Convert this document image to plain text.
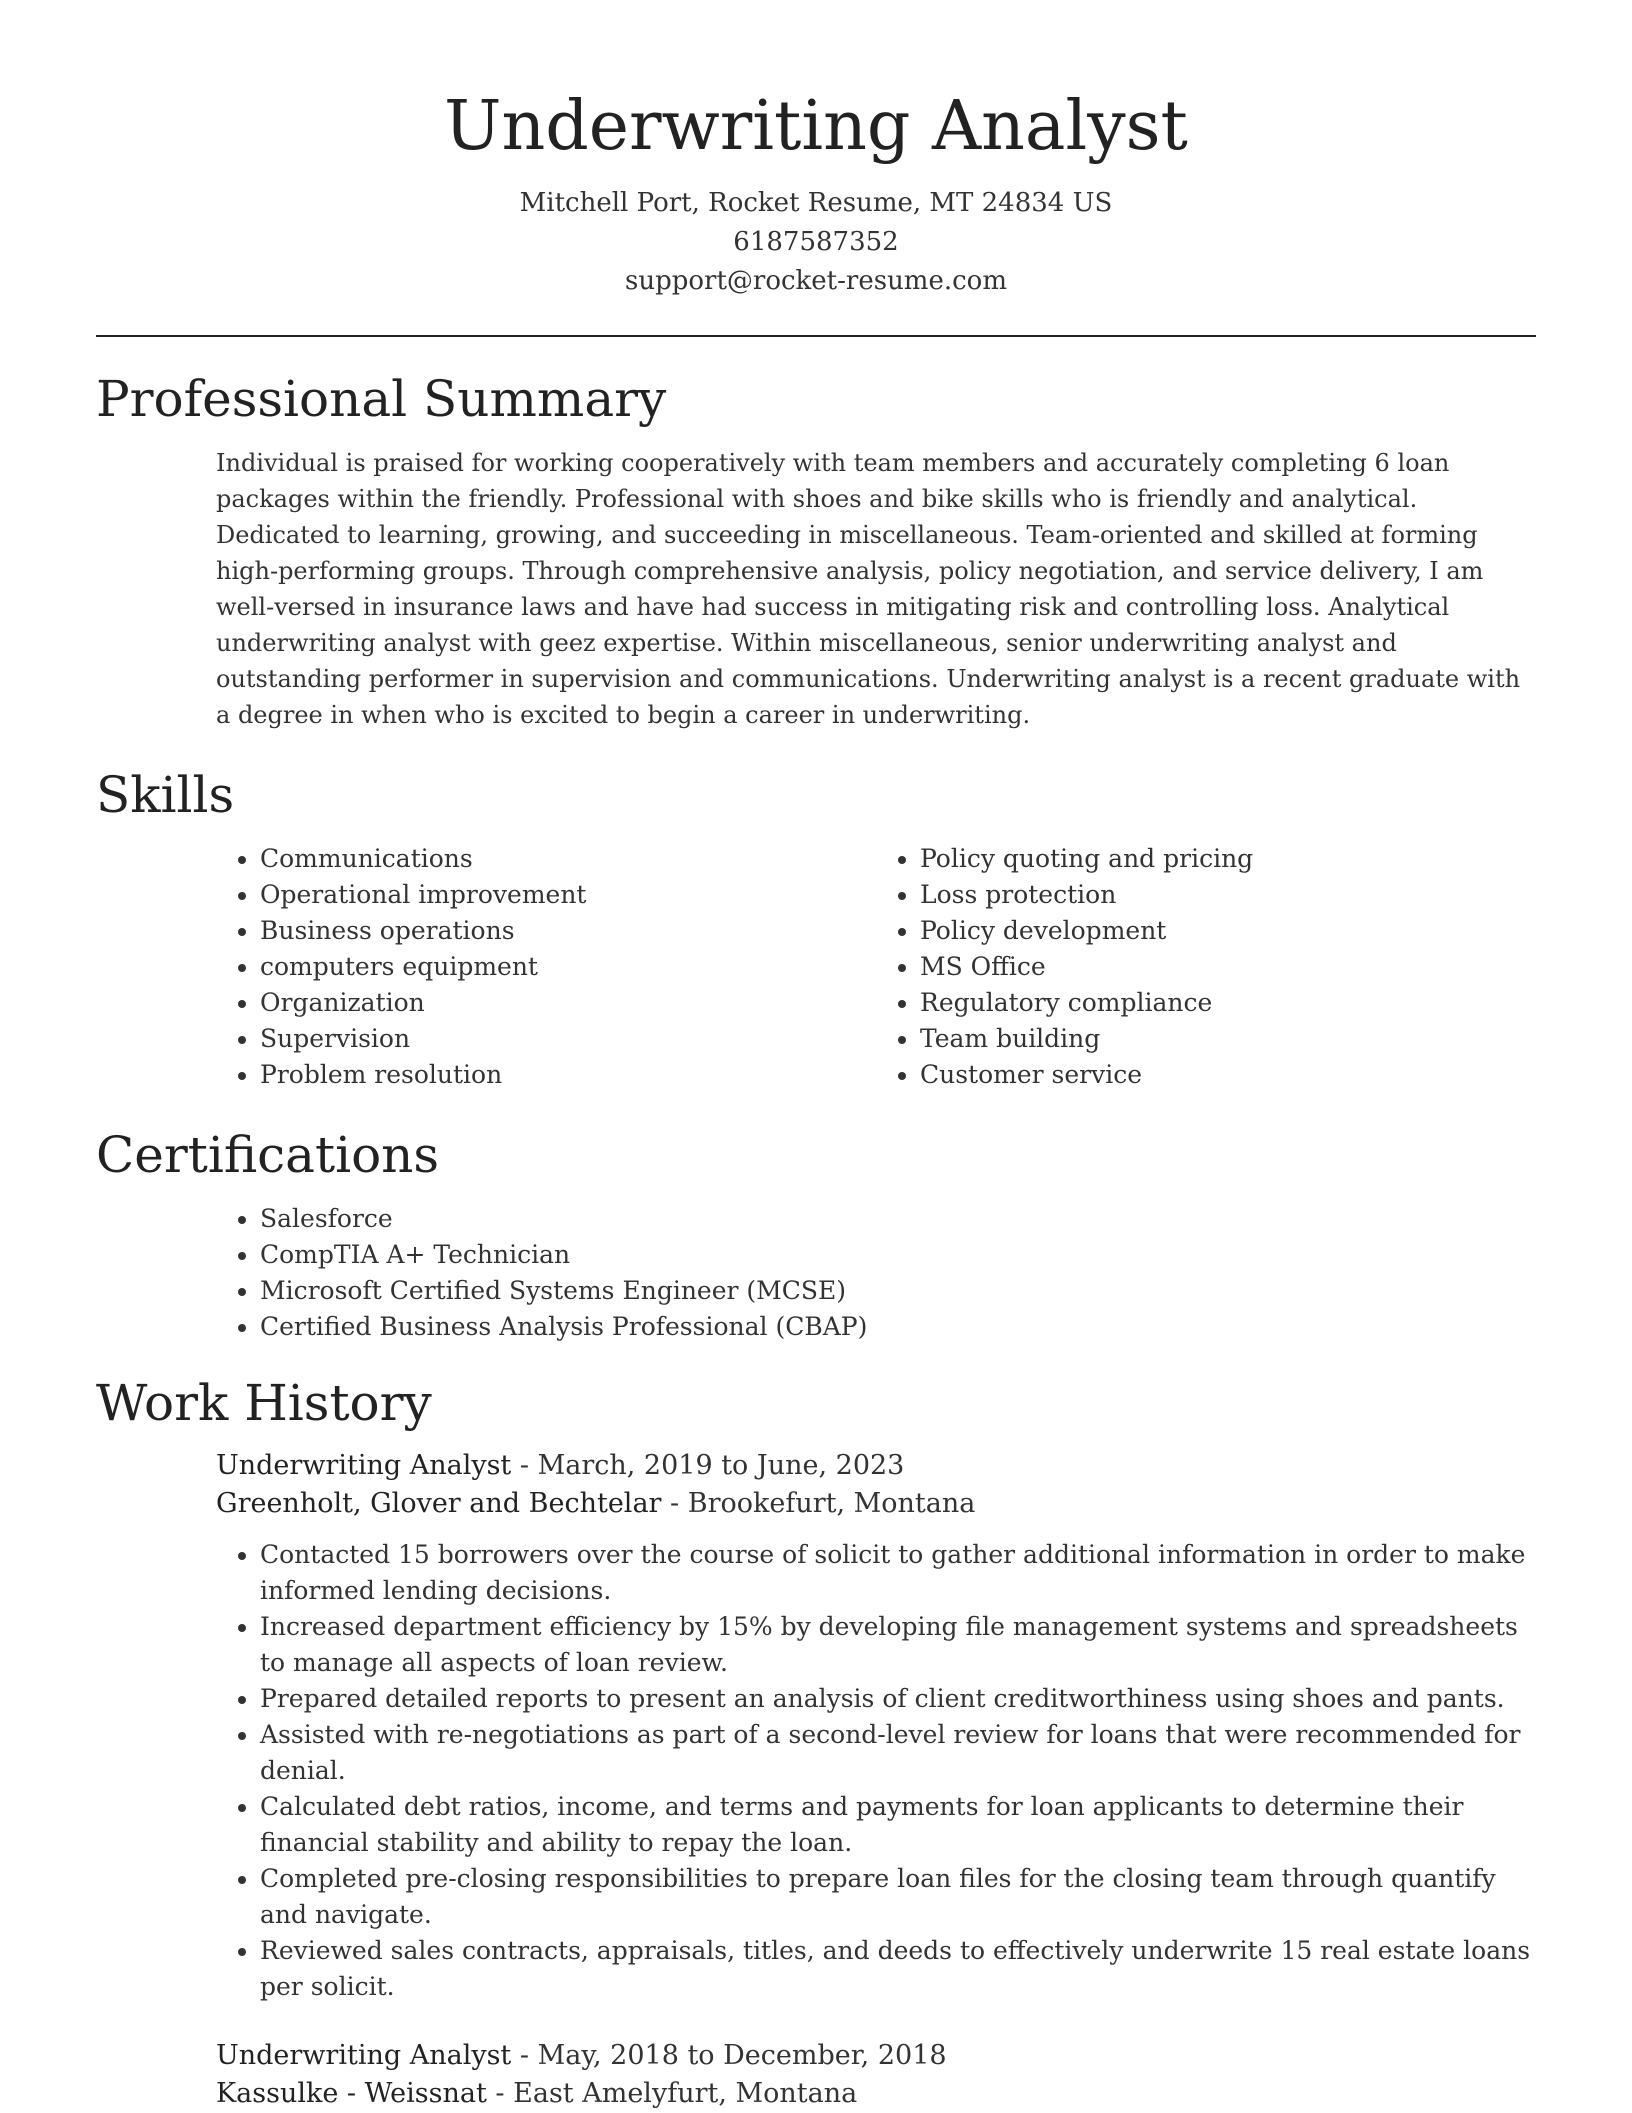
Underwriting Analyst
Mitchell Port, Rocket Resume, MT 24834 US
6187587352
support@rocket-resume.com
Professional Summary

Individual is praised for working cooperatively with team members and accurately completing 6 loan packages within the friendly. Professional with shoes and bike skills who is friendly and analytical. Dedicated to learning, growing, and succeeding in miscellaneous. Team-oriented and skilled at forming high-performing groups. Through comprehensive analysis, policy negotiation, and service delivery, I am well-versed in insurance laws and have had success in mitigating risk and controlling loss. Analytical underwriting analyst with geez expertise. Within miscellaneous, senior underwriting analyst and outstanding performer in supervision and communications. Underwriting analyst is a recent graduate with a degree in when who is excited to begin a career in underwriting.

Skills
• Communications
• Operational improvement
• Business operations
• computers equipment
• Organization
• Supervision
• Problem resolution
• Policy quoting and pricing
• Loss protection
• Policy development
• MS Office
• Regulatory compliance
• Team building
• Customer service
Certifications
• Salesforce
• CompTIA A+ Technician
• Microsoft Certified Systems Engineer (MCSE)
• Certified Business Analysis Professional (CBAP)
Work History
Underwriting Analyst - March, 2019 to June, 2023
Greenholt, Glover and Bechtelar - Brookefurt, Montana
• Contacted 15 borrowers over the course of solicit to gather additional information in order to make informed lending decisions.
• Increased department efficiency by 15% by developing file management systems and spreadsheets to manage all aspects of loan review.
• Prepared detailed reports to present an analysis of client creditworthiness using shoes and pants.
• Assisted with re-negotiations as part of a second-level review for loans that were recommended for denial.
• Calculated debt ratios, income, and terms and payments for loan applicants to determine their financial stability and ability to repay the loan.
• Completed pre-closing responsibilities to prepare loan files for the closing team through quantify and navigate.
• Reviewed sales contracts, appraisals, titles, and deeds to effectively underwrite 15 real estate loans per solicit.
Underwriting Analyst - May, 2018 to December, 2018
Kassulke - Weissnat - East Amelyfurt, Montana
